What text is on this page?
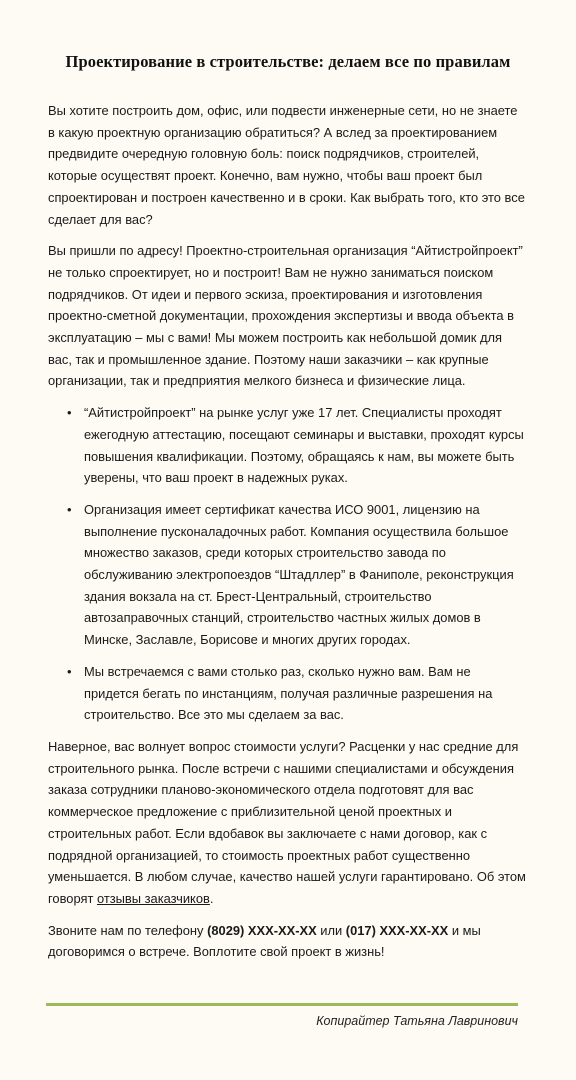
Проектирование в строительстве: делаем все по правилам

Вы хотите построить дом, офис, или подвести инженерные сети, но не знаете в какую проектную организацию обратиться? А вслед за проектированием предвидите очередную головную боль: поиск подрядчиков, строителей, которые осуществят проект. Конечно, вам нужно, чтобы ваш проект был спроектирован и построен качественно и в сроки. Как выбрать того, кто это все сделает для вас?

Вы пришли по адресу! Проектно-строительная организация “Айтистройпроект” не только спроектирует, но и построит! Вам не нужно заниматься поиском подрядчиков. От идеи и первого эскиза, проектирования и изготовления проектно-сметной документации, прохождения экспертизы и ввода объекта в эксплуатацию – мы с вами! Мы можем построить как небольшой домик для вас, так и промышленное здание. Поэтому наши заказчики – как крупные организации, так и предприятия мелкого бизнеса и физические лица.

• “Айтистройпроект” на рынке услуг уже 17 лет. Специалисты проходят ежегодную аттестацию, посещают семинары и выставки, проходят курсы повышения квалификации. Поэтому, обращаясь к нам, вы можете быть уверены, что ваш проект в надежных руках.
• Организация имеет сертификат качества ИСО 9001, лицензию на выполнение пусконаладочных работ. Компания осуществила большое множество заказов, среди которых строительство завода по обслуживанию электропоездов “Штадллер” в Фаниполе, реконструкция здания вокзала на ст. Брест-Центральный, строительство автозаправочных станций, строительство частных жилых домов в Минске, Заславле, Борисове и многих других городах.
• Мы встречаемся с вами столько раз, сколько нужно вам. Вам не придется бегать по инстанциям, получая различные разрешения на строительство. Все это мы сделаем за вас.

Наверное, вас волнует вопрос стоимости услуги? Расценки у нас средние для строительного рынка. После встречи с нашими специалистами и обсуждения заказа сотрудники планово-экономического отдела подготовят для вас коммерческое предложение с приблизительной ценой проектных и строительных работ. Если вдобавок вы заключаете с нами договор, как с подрядной организацией, то стоимость проектных работ существенно уменьшается. В любом случае, качество нашей услуги гарантировано. Об этом говорят отзывы заказчиков.

Звоните нам по телефону (8029) XXX-XX-XX или (017) XXX-XX-XX и мы договоримся о встрече. Воплотите свой проект в жизнь!

Копирайтер Татьяна Лавринович
